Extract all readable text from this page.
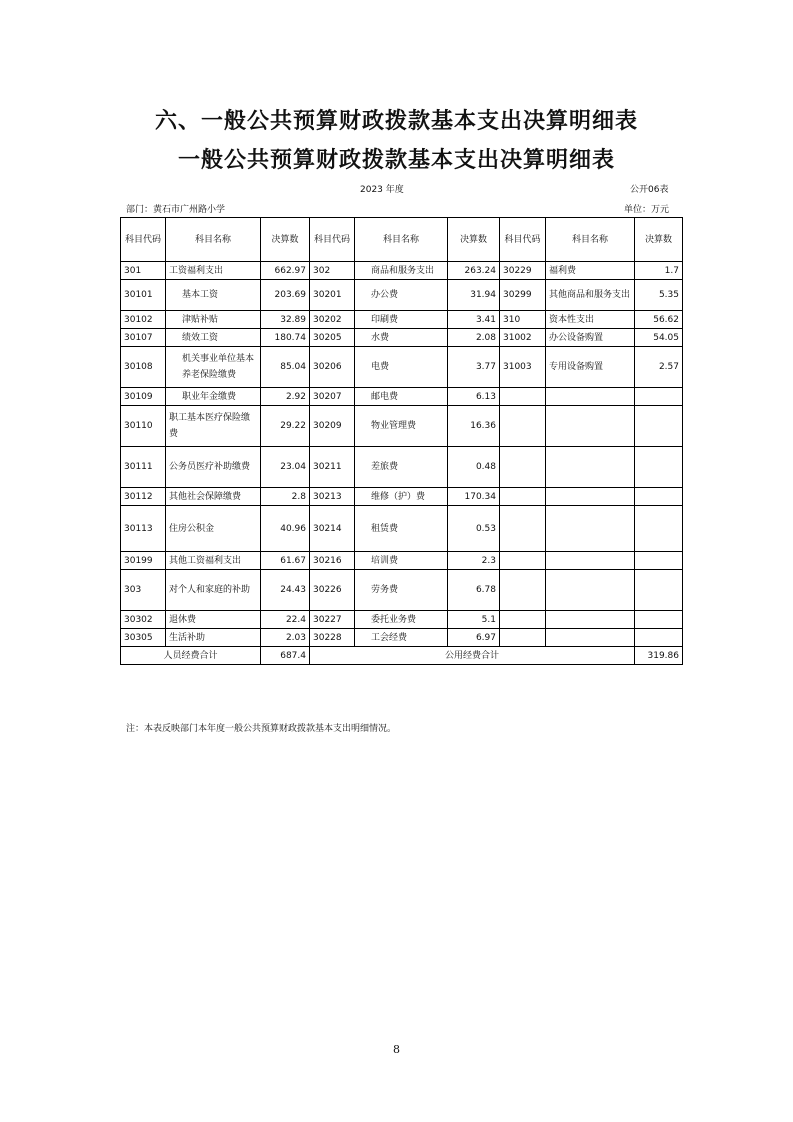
六、一般公共预算财政拨款基本支出决算明细表
一般公共预算财政拨款基本支出决算明细表
2023 年度	公开06表
部门：黄石市广州路小学	单位：万元
科目代码	科目名称	决算数	科目代码	科目名称	决算数	科目代码	科目名称	决算数
301	工资福利支出	662.97	302	商品和服务支出	263.24	30229	福利费	1.7
30101	基本工资	203.69	30201	办公费	31.94	30299	其他商品和服务支出	5.35
30102	津贴补贴	32.89	30202	印刷费	3.41	310	资本性支出	56.62
30107	绩效工资	180.74	30205	水费	2.08	31002	办公设备购置	54.05
30108	机关事业单位基本养老保险缴费	85.04	30206	电费	3.77	31003	专用设备购置	2.57
30109	职业年金缴费	2.92	30207	邮电费	6.13			
30110	职工基本医疗保险缴费	29.22	30209	物业管理费	16.36			
30111	公务员医疗补助缴费	23.04	30211	差旅费	0.48			
30112	其他社会保障缴费	2.8	30213	维修（护）费	170.34			
30113	住房公积金	40.96	30214	租赁费	0.53			
30199	其他工资福利支出	61.67	30216	培训费	2.3			
303	对个人和家庭的补助	24.43	30226	劳务费	6.78			
30302	退休费	22.4	30227	委托业务费	5.1			
30305	生活补助	2.03	30228	工会经费	6.97			
人员经费合计		687.4	公用经费合计					319.86
注：本表反映部门本年度一般公共预算财政拨款基本支出明细情况。
8
